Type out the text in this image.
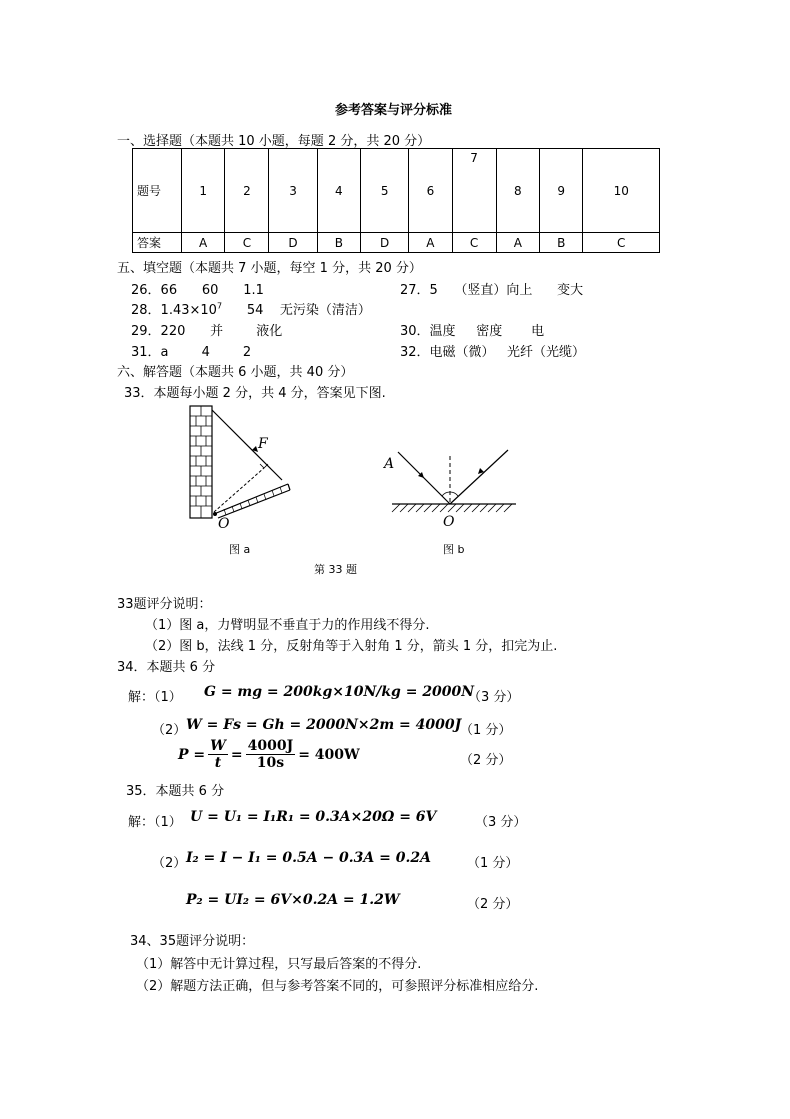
参考答案与评分标准
一、选择题（本题共 10 小题，每题 2 分，共 20 分）
题号	1	2	3	4	5	6	7	8	9	10
答案	A	C	D	B	D	A	C	A	B	C
五、填空题（本题共 7 小题，每空 1 分，共 20 分）
26．66      60      1.1	27．5    （竖直）向上      变大
28．$1.43\times 10^7$      54    无污染（清洁）
29．220      并        液化	30．温度     密度       电
31．a        4        2	32．电磁（微）   光纤（光缆）
六、解答题（本题共 6 小题，共 40 分）
33．本题每小题 2 分，共 4 分，答案见下图.
F
O
图 a
A
O
图 b
第 33 题
33题评分说明：
（1）图 a，力臂明显不垂直于力的作用线不得分.
（2）图 b，法线 1 分，反射角等于入射角 1 分，箭头 1 分，扣完为止.
34．本题共 6 分
解：（1） G = mg = 200kg×10N/kg = 2000N
（3 分）
（2） W = Fs = Gh = 2000N×2m = 4000J
（1 分）
$P = \frac{W}{t} = \frac{4000J}{10s} = 400W$	（2 分）
35．本题共 6 分
解：（1） U = U₁ = I₁R₁ = 0.3A×20Ω = 6V	（3 分）
（2） I₂ = I − I₁ = 0.5A − 0.3A = 0.2A	（1 分）
P₂ = UI₂ = 6V×0.2A = 1.2W	（2 分）
34、35题评分说明：
（1）解答中无计算过程，只写最后答案的不得分.
（2）解题方法正确，但与参考答案不同的，可参照评分标准相应给分.
